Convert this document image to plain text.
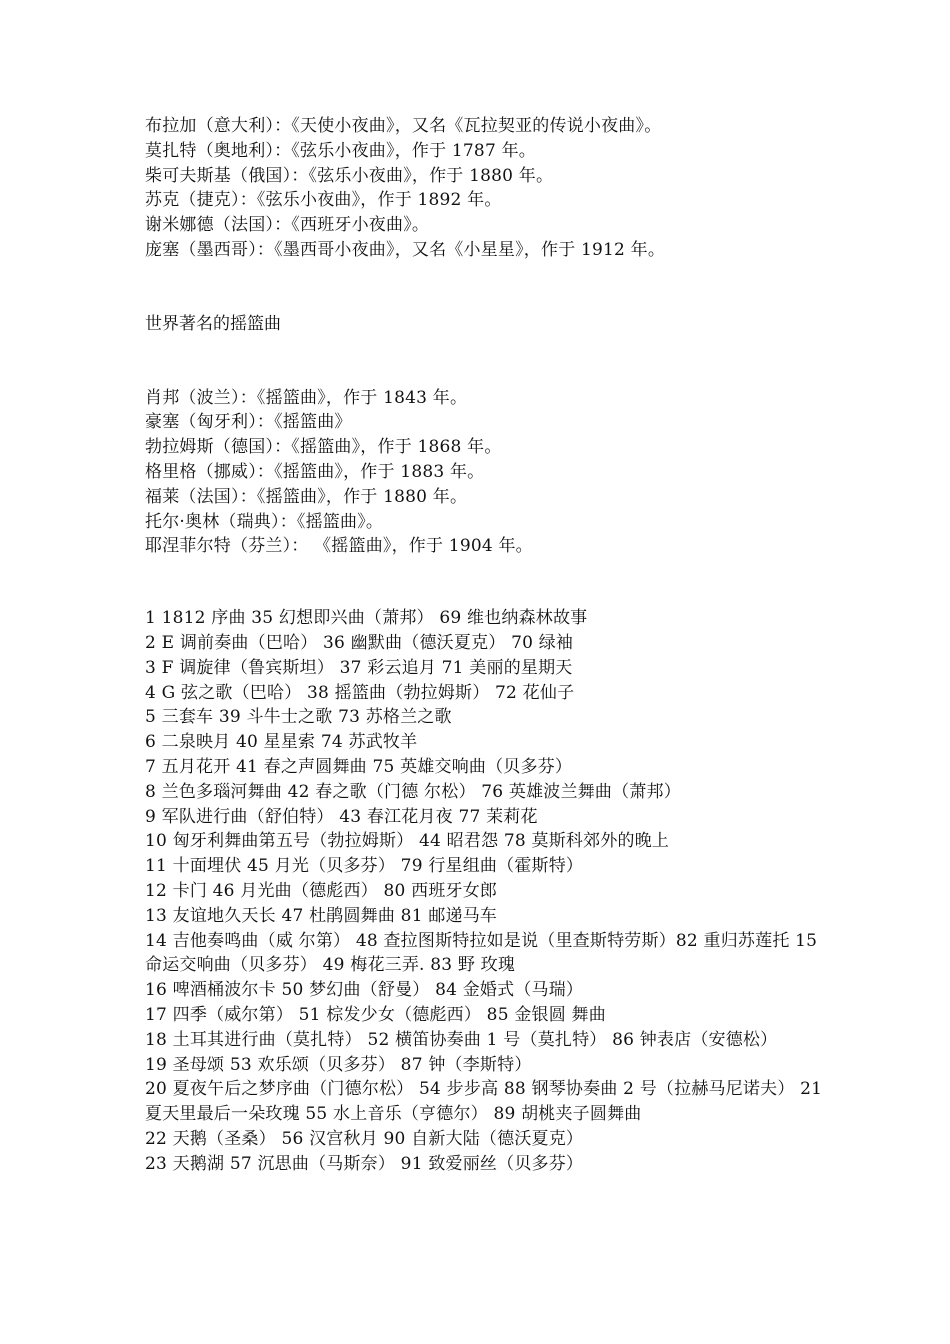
布拉加（意大利）：《天使小夜曲》，又名《瓦拉契亚的传说小夜曲》。
莫扎特（奥地利）：《弦乐小夜曲》，作于 1787 年。
柴可夫斯基（俄国）：《弦乐小夜曲》，作于 1880 年。
苏克（捷克）：《弦乐小夜曲》，作于 1892 年。
谢米娜德（法国）：《西班牙小夜曲》。
庞塞（墨西哥）：《墨西哥小夜曲》，又名《小星星》，作于 1912 年。
世界著名的摇篮曲
肖邦（波兰）：《摇篮曲》，作于 1843 年。
豪塞（匈牙利）：《摇篮曲》
勃拉姆斯（德国）：《摇篮曲》，作于 1868 年。
格里格（挪威）：《摇篮曲》，作于 1883 年。
福莱（法国）：《摇篮曲》，作于 1880 年。
托尔·奥林（瑞典）：《摇篮曲》。
耶涅菲尔特（芬兰）： 《摇篮曲》，作于 1904 年。
1 1812 序曲 35 幻想即兴曲（萧邦） 69 维也纳森林故事
2 E 调前奏曲（巴哈） 36 幽默曲（德沃夏克） 70 绿袖
3 F 调旋律（鲁宾斯坦） 37 彩云追月 71 美丽的星期天
4 G 弦之歌（巴哈） 38 摇篮曲（勃拉姆斯） 72 花仙子
5 三套车 39 斗牛士之歌 73 苏格兰之歌
6 二泉映月 40 星星索 74 苏武牧羊
7 五月花开 41 春之声圆舞曲 75 英雄交响曲（贝多芬）
8 兰色多瑙河舞曲 42 春之歌（门德 尔松） 76 英雄波兰舞曲（萧邦）
9 军队进行曲（舒伯特） 43 春江花月夜 77 茉莉花
10 匈牙利舞曲第五号（勃拉姆斯） 44 昭君怨 78 莫斯科郊外的晚上
11 十面埋伏 45 月光（贝多芬） 79 行星组曲（霍斯特）
12 卡门 46 月光曲（德彪西） 80 西班牙女郎
13 友谊地久天长 47 杜鹃圆舞曲 81 邮递马车
14 吉他奏鸣曲（威 尔第） 48 查拉图斯特拉如是说（里查斯特劳斯）82 重归苏莲托 15 命运交响曲（贝多芬） 49 梅花三弄. 83 野 玫瑰
16 啤酒桶波尔卡 50 梦幻曲（舒曼） 84 金婚式（马瑞）
17 四季（威尔第） 51 棕发少女（德彪西） 85 金银圆 舞曲
18 土耳其进行曲（莫扎特） 52 横笛协奏曲 1 号（莫扎特） 86 钟表店（安德松）
19 圣母颂 53 欢乐颂（贝多芬） 87 钟（李斯特）
20 夏夜午后之梦序曲（门德尔松） 54 步步高 88 钢琴协奏曲 2 号（拉赫马尼诺夫） 21 夏天里最后一朵玫瑰 55 水上音乐（亨德尔） 89 胡桃夹子圆舞曲
22 天鹅（圣桑） 56 汉宫秋月 90 自新大陆（德沃夏克）
23 天鹅湖 57 沉思曲（马斯奈） 91 致爱丽丝（贝多芬）
